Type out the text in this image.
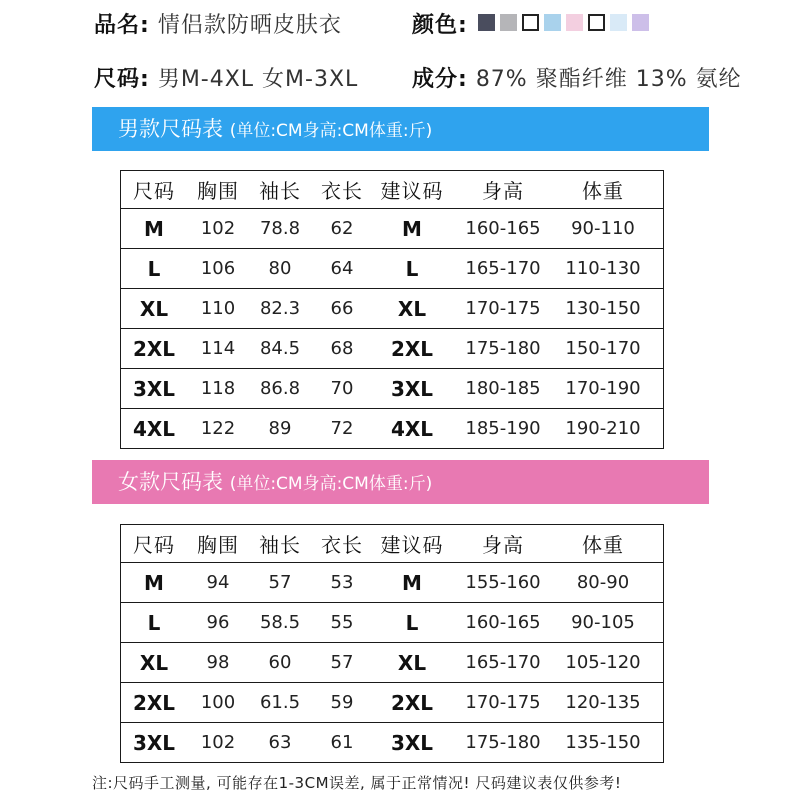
品名: 情侣款防晒皮肤衣	颜色:
尺码: 男M-4XL 女M-3XL 成分: 87% 聚酯纤维 13% 氨纶
男款尺码表 (单位:CM身高:CM体重:斤)
尺码	胸围	袖长	衣长 建议码	身高	体重

M	102	78.8	62	M	160-165	90-110

L	106	80	64	L	165-170	110-130

XL	110	82.3	66	XL	170-175	130-150

2XL	114	84.5	68	2XL	175-180	150-170

3XL	118	86.8	70	3XL	180-185	170-190

4XL	122	89	72	4XL	185-190	190-210
女款尺码表 (单位:CM身高:CM体重:斤)
尺码	胸围	袖长	衣长 建议码	身高	体重

M	94	57	53	M	155-160	80-90

L	96	58.5	55	L	160-165	90-105

XL	98	60	57	XL	165-170	105-120

2XL	100	61.5	59	2XL	170-175	120-135

3XL	102	63	61	3XL	175-180	135-150
注:尺码手工测量, 可能存在1-3CM误差, 属于正常情况! 尺码建议表仅供参考!
